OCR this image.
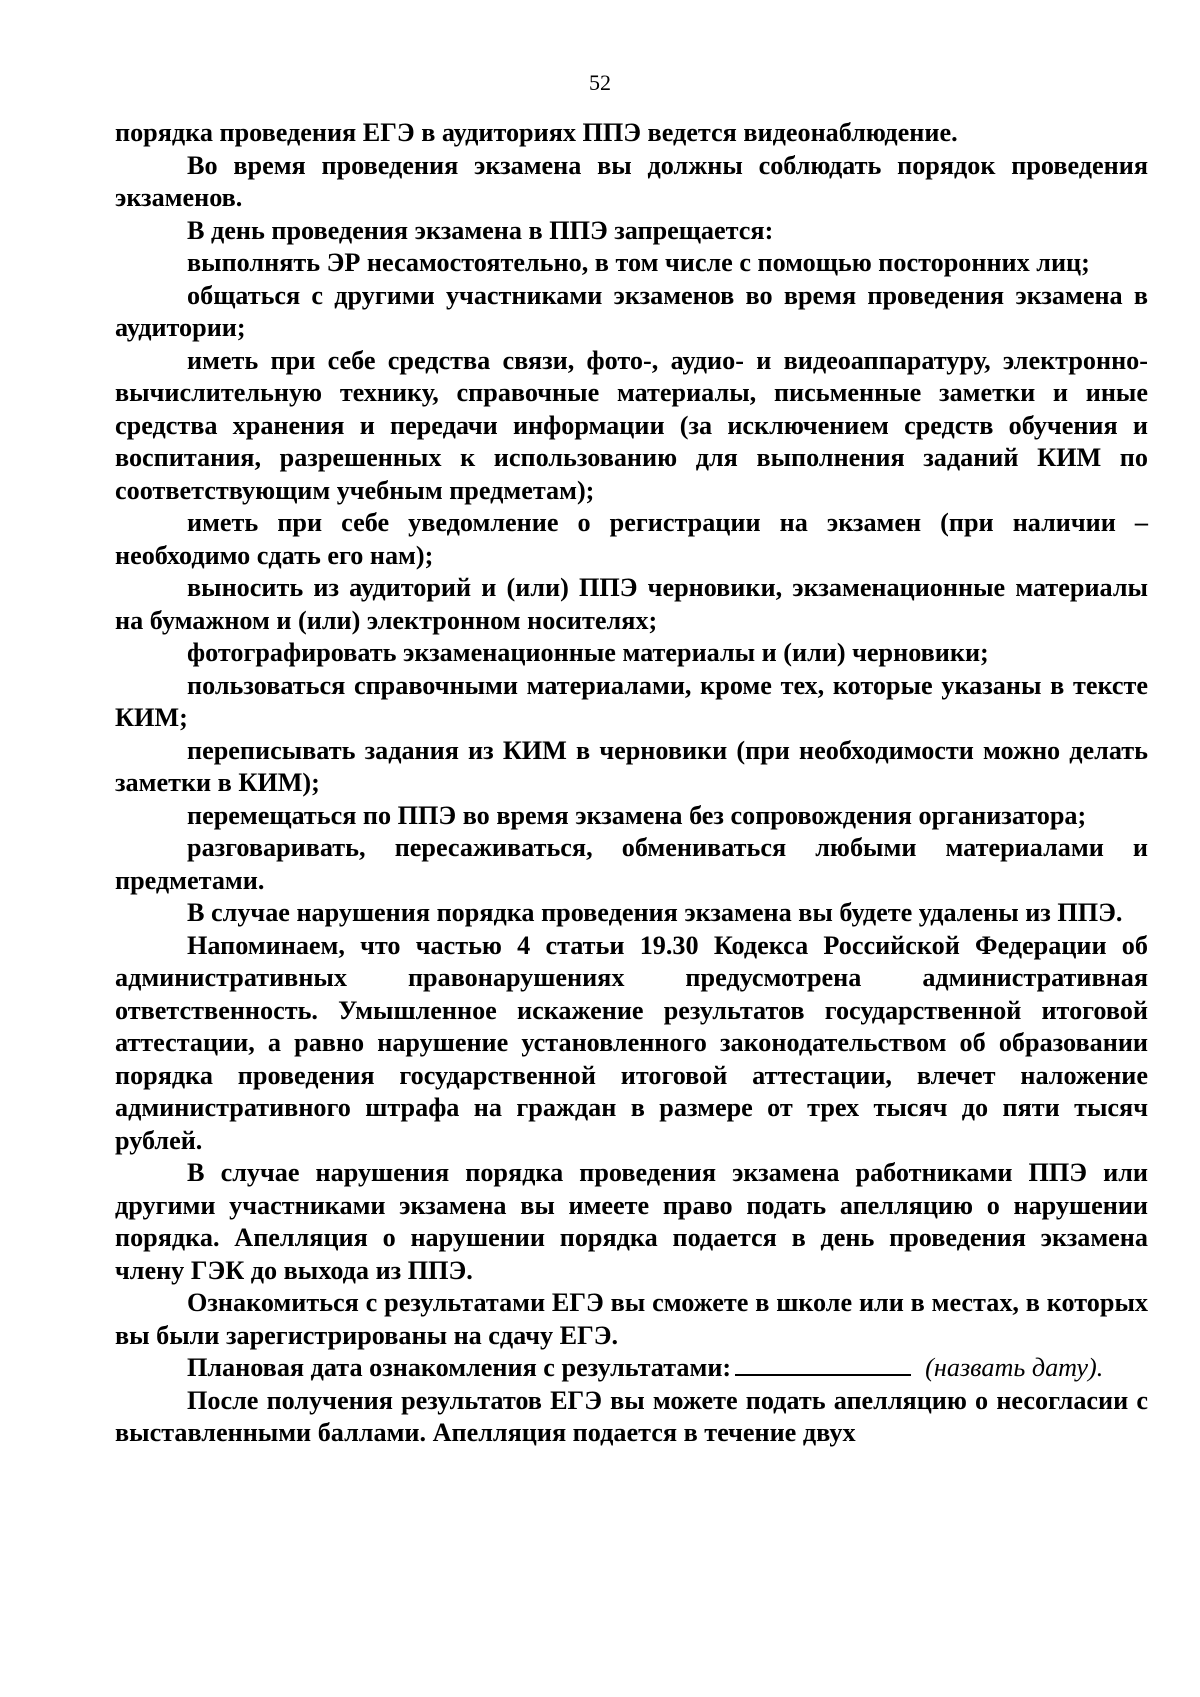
52

порядка проведения ЕГЭ в аудиториях ППЭ ведется видеонаблюдение.

Во время проведения экзамена вы должны соблюдать порядок проведения экзаменов.

В день проведения экзамена в ППЭ запрещается:

выполнять ЭР несамостоятельно, в том числе с помощью посторонних лиц;

общаться с другими участниками экзаменов во время проведения экзамена в аудитории;

иметь при себе средства связи, фото-, аудио- и видеоаппаратуру, электронно-вычислительную технику, справочные материалы, письменные заметки и иные средства хранения и передачи информации (за исключением средств обучения и воспитания, разрешенных к использованию для выполнения заданий КИМ по соответствующим учебным предметам);

иметь при себе уведомление о регистрации на экзамен (при наличии – необходимо сдать его нам);

выносить из аудиторий и (или) ППЭ черновики, экзаменационные материалы на бумажном и (или) электронном носителях;

фотографировать экзаменационные материалы и (или) черновики;

пользоваться справочными материалами, кроме тех, которые указаны в тексте КИМ;

переписывать задания из КИМ в черновики (при необходимости можно делать заметки в КИМ);

перемещаться по ППЭ во время экзамена без сопровождения организатора;

разговаривать, пересаживаться, обмениваться любыми материалами и предметами.

В случае нарушения порядка проведения экзамена вы будете удалены из ППЭ.

Напоминаем, что частью 4 статьи 19.30 Кодекса Российской Федерации об административных правонарушениях предусмотрена административная ответственность. Умышленное искажение результатов государственной итоговой аттестации, а равно нарушение установленного законодательством об образовании порядка проведения государственной итоговой аттестации, влечет наложение административного штрафа на граждан в размере от трех тысяч до пяти тысяч рублей.

В случае нарушения порядка проведения экзамена работниками ППЭ или другими участниками экзамена вы имеете право подать апелляцию о нарушении порядка. Апелляция о нарушении порядка подается в день проведения экзамена члену ГЭК до выхода из ППЭ.

Ознакомиться с результатами ЕГЭ вы сможете в школе или в местах, в которых вы были зарегистрированы на сдачу ЕГЭ.

Плановая дата ознакомления с результатами:	(назвать дату).

После получения результатов ЕГЭ вы можете подать апелляцию о несогласии с выставленными баллами. Апелляция подается в течение двух
